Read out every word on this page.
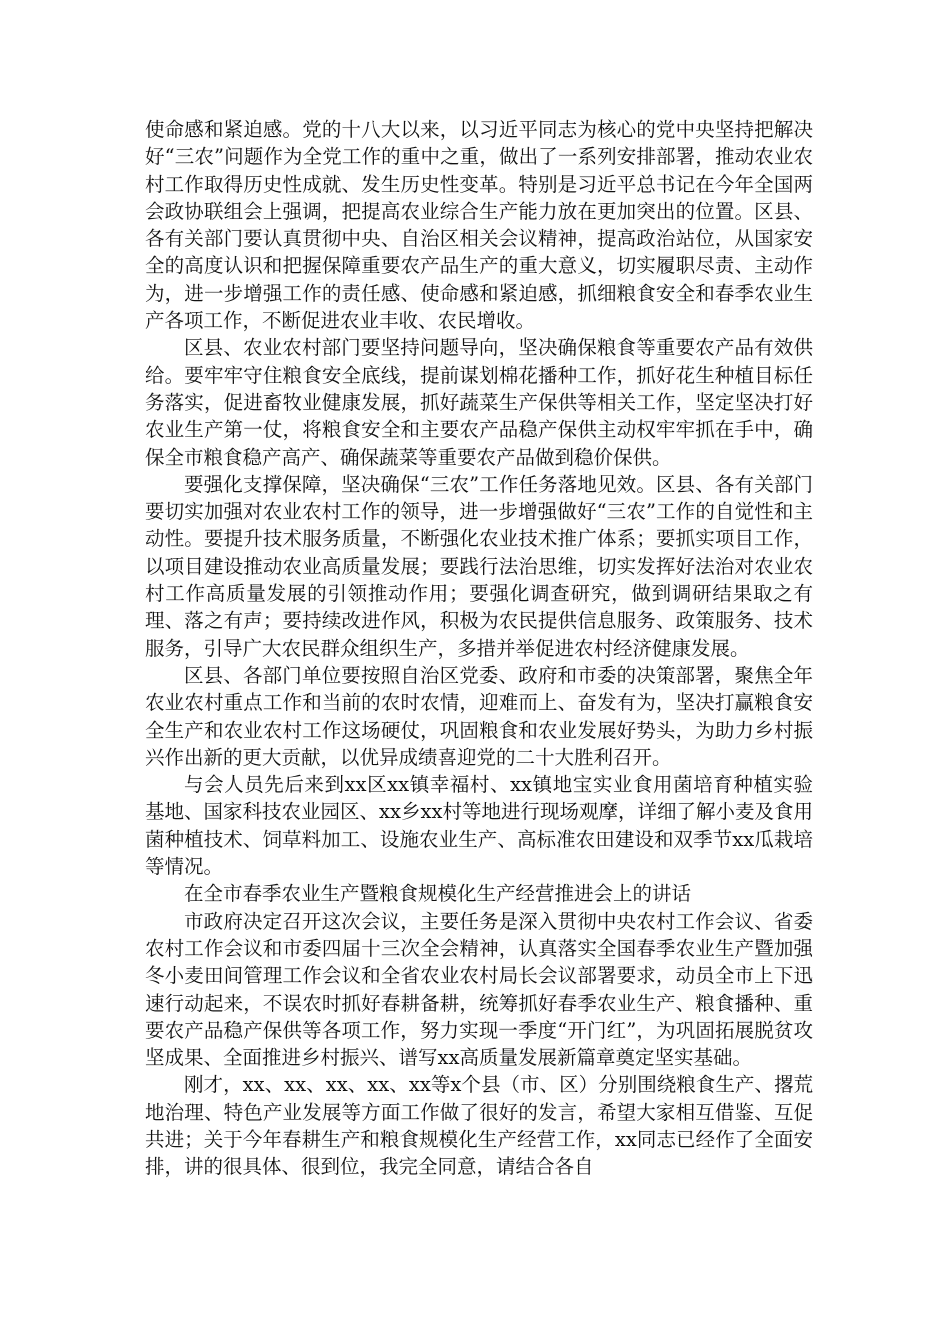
使命感和紧迫感。党的十八大以来，以习近平同志为核心的党中央坚持把解决好“三农”问题作为全党工作的重中之重，做出了一系列安排部署，推动农业农村工作取得历史性成就、发生历史性变革。特别是习近平总书记在今年全国两会政协联组会上强调，把提高农业综合生产能力放在更加突出的位置。区县、各有关部门要认真贯彻中央、自治区相关会议精神，提高政治站位，从国家安全的高度认识和把握保障重要农产品生产的重大意义，切实履职尽责、主动作为，进一步增强工作的责任感、使命感和紧迫感，抓细粮食安全和春季农业生产各项工作，不断促进农业丰收、农民增收。

区县、农业农村部门要坚持问题导向，坚决确保粮食等重要农产品有效供给。要牢牢守住粮食安全底线，提前谋划棉花播种工作，抓好花生种植目标任务落实，促进畜牧业健康发展，抓好蔬菜生产保供等相关工作，坚定坚决打好农业生产第一仗，将粮食安全和主要农产品稳产保供主动权牢牢抓在手中，确保全市粮食稳产高产、确保蔬菜等重要农产品做到稳价保供。

要强化支撑保障，坚决确保“三农”工作任务落地见效。区县、各有关部门要切实加强对农业农村工作的领导，进一步增强做好“三农”工作的自觉性和主动性。要提升技术服务质量，不断强化农业技术推广体系；要抓实项目工作，以项目建设推动农业高质量发展；要践行法治思维，切实发挥好法治对农业农村工作高质量发展的引领推动作用；要强化调查研究，做到调研结果取之有理、落之有声；要持续改进作风，积极为农民提供信息服务、政策服务、技术服务，引导广大农民群众组织生产，多措并举促进农村经济健康发展。

区县、各部门单位要按照自治区党委、政府和市委的决策部署，聚焦全年农业农村重点工作和当前的农时农情，迎难而上、奋发有为，坚决打赢粮食安全生产和农业农村工作这场硬仗，巩固粮食和农业发展好势头，为助力乡村振兴作出新的更大贡献，以优异成绩喜迎党的二十大胜利召开。

与会人员先后来到xx区xx镇幸福村、xx镇地宝实业食用菌培育种植实验基地、国家科技农业园区、xx乡xx村等地进行现场观摩，详细了解小麦及食用菌种植技术、饲草料加工、设施农业生产、高标准农田建设和双季节xx瓜栽培等情况。

在全市春季农业生产暨粮食规模化生产经营推进会上的讲话

市政府决定召开这次会议，主要任务是深入贯彻中央农村工作会议、省委农村工作会议和市委四届十三次全会精神，认真落实全国春季农业生产暨加强冬小麦田间管理工作会议和全省农业农村局长会议部署要求，动员全市上下迅速行动起来，不误农时抓好春耕备耕，统筹抓好春季农业生产、粮食播种、重要农产品稳产保供等各项工作，努力实现一季度“开门红”，为巩固拓展脱贫攻坚成果、全面推进乡村振兴、谱写xx高质量发展新篇章奠定坚实基础。

刚才，xx、xx、xx、xx、xx等x个县（市、区）分别围绕粮食生产、撂荒地治理、特色产业发展等方面工作做了很好的发言，希望大家相互借鉴、互促共进；关于今年春耕生产和粮食规模化生产经营工作，xx同志已经作了全面安排，讲的很具体、很到位，我完全同意，请结合各自
